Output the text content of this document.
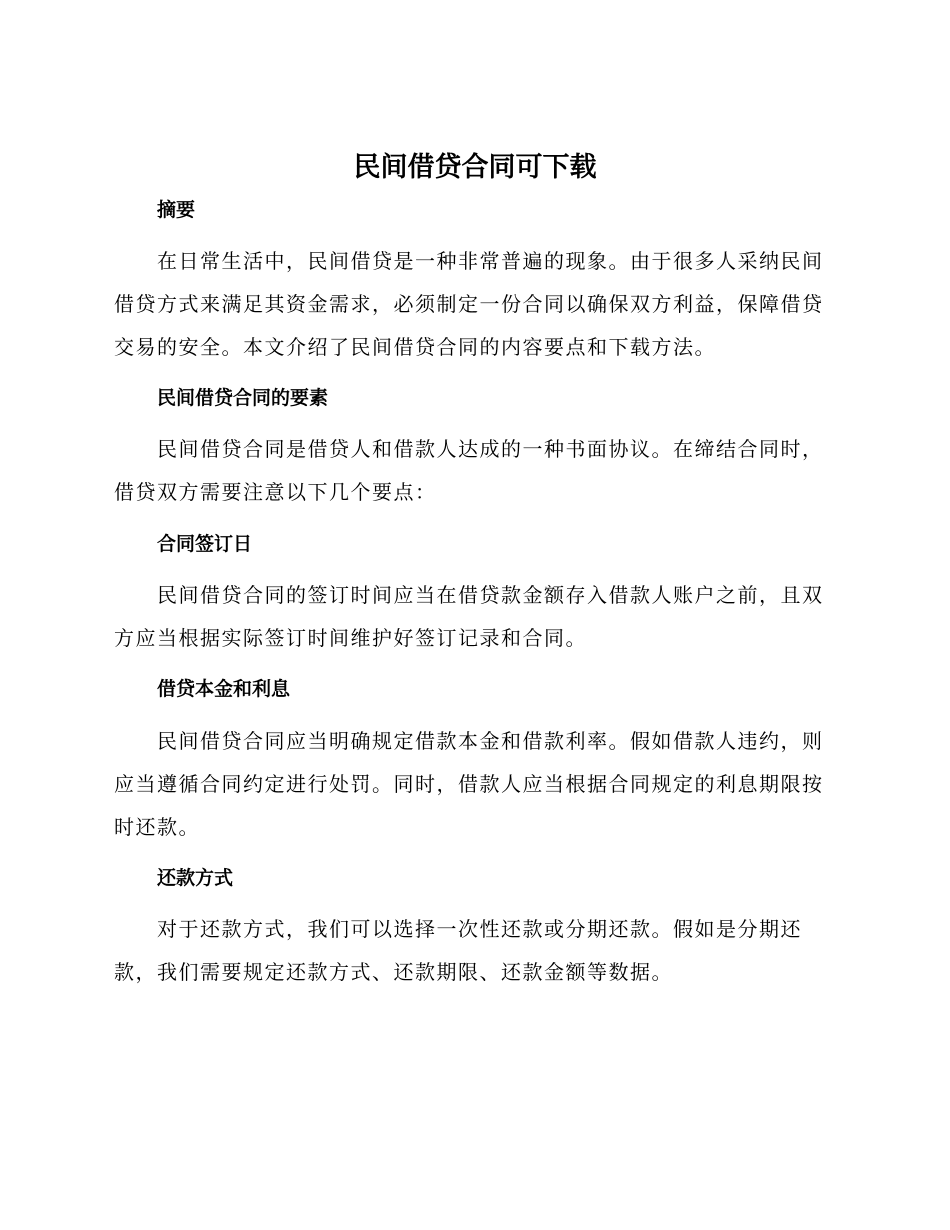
民间借贷合同可下载
摘要

在日常生活中，民间借贷是一种非常普遍的现象。由于很多人采纳民间借贷方式来满足其资金需求，必须制定一份合同以确保双方利益，保障借贷交易的安全。本文介绍了民间借贷合同的内容要点和下载方法。

民间借贷合同的要素

民间借贷合同是借贷人和借款人达成的一种书面协议。在缔结合同时，借贷双方需要注意以下几个要点：

合同签订日

民间借贷合同的签订时间应当在借贷款金额存入借款人账户之前，且双方应当根据实际签订时间维护好签订记录和合同。

借贷本金和利息

民间借贷合同应当明确规定借款本金和借款利率。假如借款人违约，则应当遵循合同约定进行处罚。同时，借款人应当根据合同规定的利息期限按时还款。

还款方式

对于还款方式，我们可以选择一次性还款或分期还款。假如是分期还款，我们需要规定还款方式、还款期限、还款金额等数据。
